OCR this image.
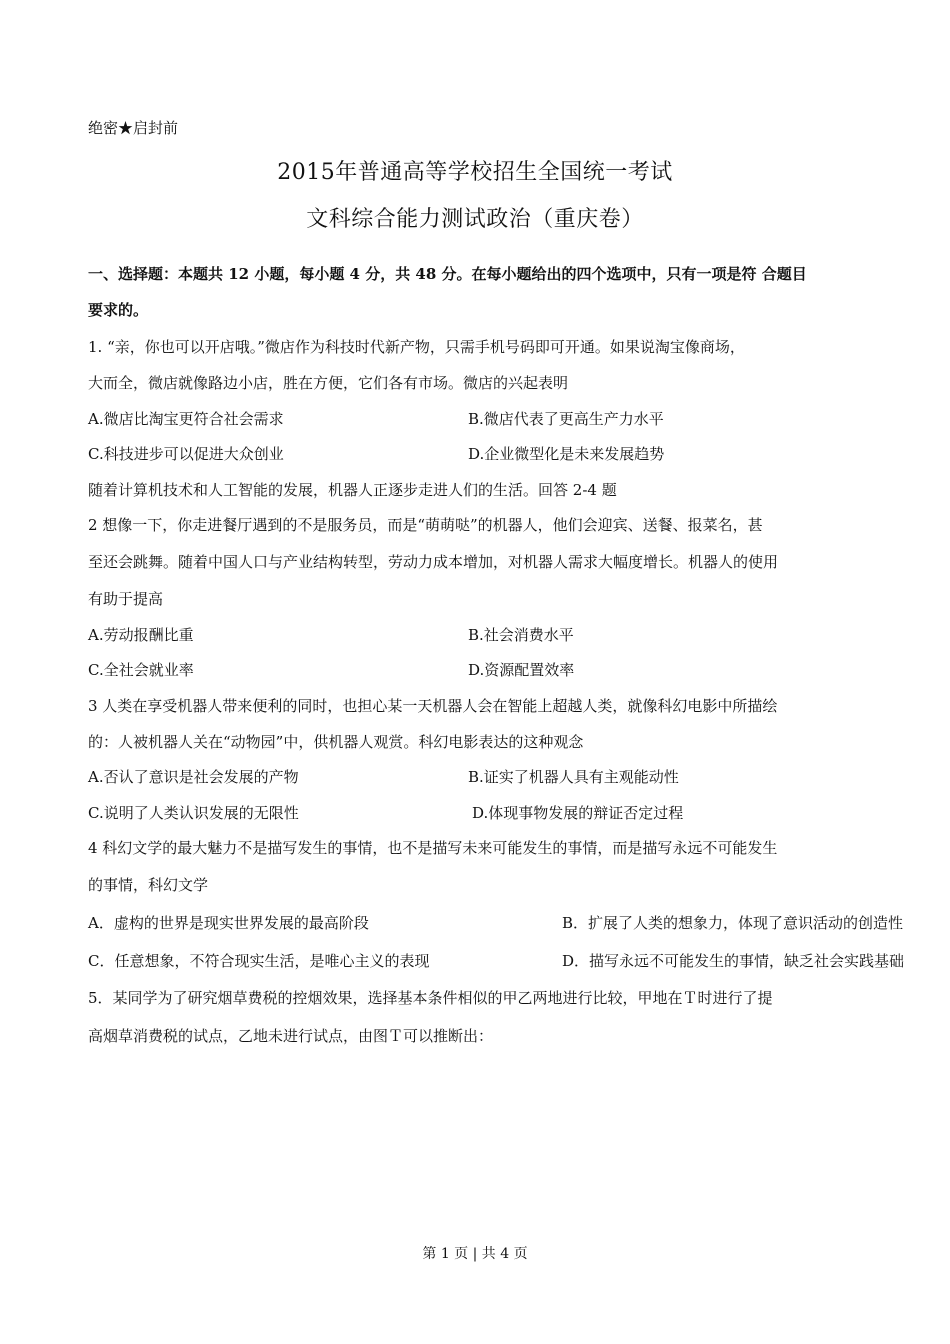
绝密★启封前
2015年普通高等学校招生全国统一考试
文科综合能力测试政治（重庆卷）
一、选择题：本题共 12 小题，每小题 4 分，共 48 分。在每小题给出的四个选项中，只有一项是符 合题目
要求的。
1. “亲，你也可以开店哦。”微店作为科技时代新产物，只需手机号码即可开通。如果说淘宝像商场，
大而全，微店就像路边小店，胜在方便，它们各有市场。微店的兴起表明
A.微店比淘宝更符合社会需求	B.微店代表了更高生产力水平
C.科技进步可以促进大众创业	D.企业微型化是未来发展趋势
随着计算机技术和人工智能的发展，机器人正逐步走进人们的生活。回答 2-4 题
2 想像一下，你走进餐厅遇到的不是服务员，而是“萌萌哒”的机器人，他们会迎宾、送餐、报菜名，甚
至还会跳舞。随着中国人口与产业结构转型，劳动力成本增加，对机器人需求大幅度增长。机器人的使用
有助于提高
A.劳动报酬比重	B.社会消费水平
C.全社会就业率	D.资源配置效率
3 人类在享受机器人带来便利的同时，也担心某一天机器人会在智能上超越人类，就像科幻电影中所描绘
的：人被机器人关在“动物园”中，供机器人观赏。科幻电影表达的这种观念
A.否认了意识是社会发展的产物	B.证实了机器人具有主观能动性
C.说明了人类认识发展的无限性	D.体现事物发展的辩证否定过程
4 科幻文学的最大魅力不是描写发生的事情，也不是描写未来可能发生的事情，而是描写永远不可能发生
的事情，科幻文学
A．虚构的世界是现实世界发展的最高阶段	B．扩展了人类的想象力，体现了意识活动的创造性
C．任意想象，不符合现实生活，是唯心主义的表现	D．描写永远不可能发生的事情，缺乏社会实践基础
5．某同学为了研究烟草费税的控烟效果，选择基本条件相似的甲乙两地进行比较，甲地在Ｔ时进行了提
高烟草消费税的试点，乙地未进行试点，由图Ｔ可以推断出：
第 1 页 | 共 4 页
